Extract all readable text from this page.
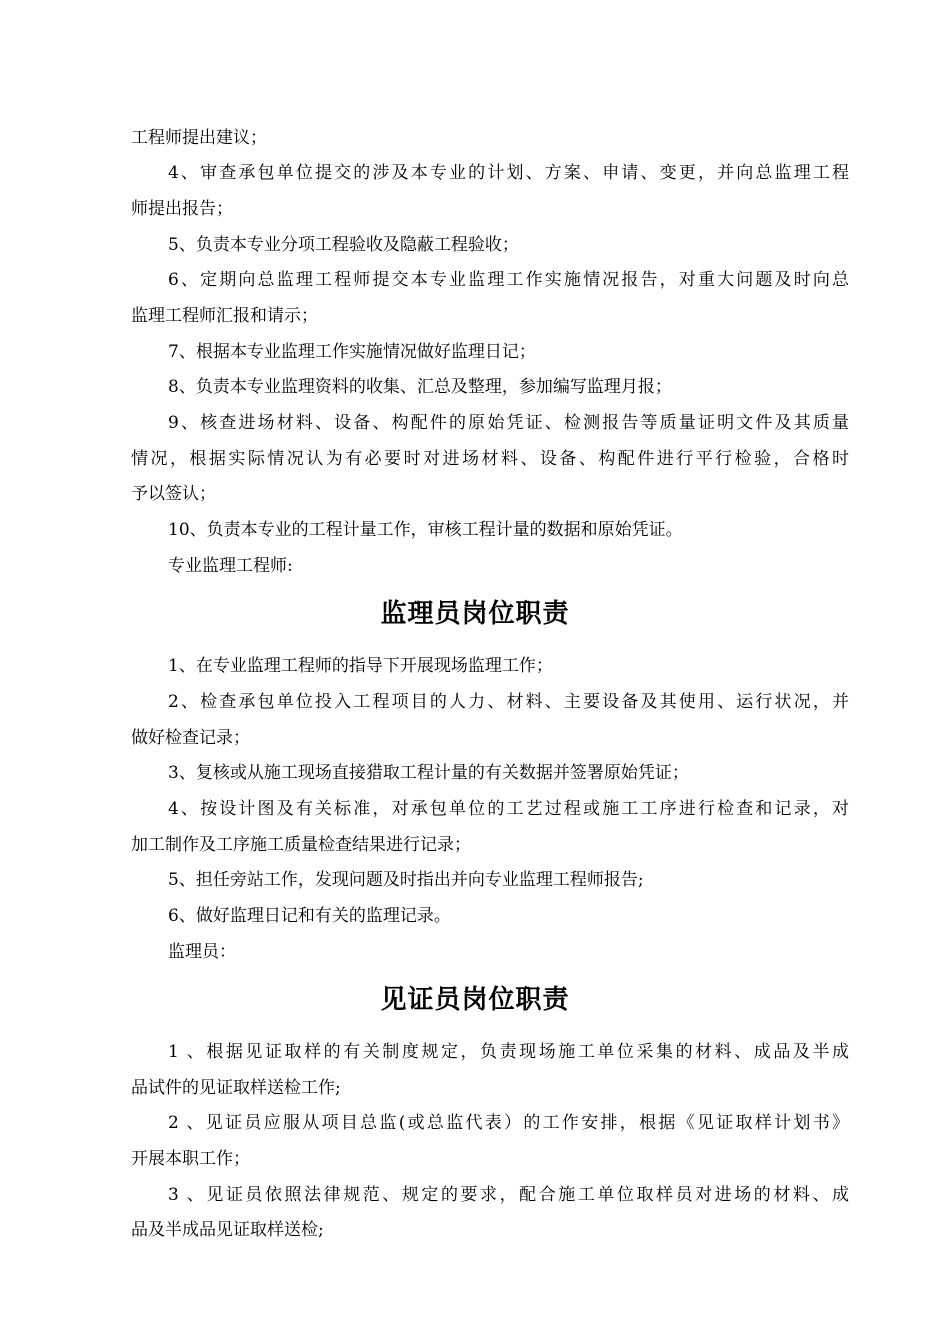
工程师提出建议；
4、审查承包单位提交的涉及本专业的计划、方案、申请、变更，并向总监理工程
师提出报告；
5、负责本专业分项工程验收及隐蔽工程验收；
6、定期向总监理工程师提交本专业监理工作实施情况报告，对重大问题及时向总
监理工程师汇报和请示；
7、根据本专业监理工作实施情况做好监理日记；
8、负责本专业监理资料的收集、汇总及整理，参加编写监理月报；
9、核查进场材料、设备、构配件的原始凭证、检测报告等质量证明文件及其质量
情况，根据实际情况认为有必要时对进场材料、设备、构配件进行平行检验，合格时
予以签认；
10、负责本专业的工程计量工作，审核工程计量的数据和原始凭证。
专业监理工程师:
监理员岗位职责
1、在专业监理工程师的指导下开展现场监理工作；
2、检查承包单位投入工程项目的人力、材料、主要设备及其使用、运行状况，并
做好检查记录；
3、复核或从施工现场直接猎取工程计量的有关数据并签署原始凭证；
4、按设计图及有关标准，对承包单位的工艺过程或施工工序进行检查和记录，对
加工制作及工序施工质量检查结果进行记录；
5、担任旁站工作，发现问题及时指出并向专业监理工程师报告;
6、做好监理日记和有关的监理记录。
监理员：
见证员岗位职责
1 、根据见证取样的有关制度规定，负责现场施工单位采集的材料、成品及半成
品试件的见证取样送检工作;
2 、见证员应服从项目总监(或总监代表）的工作安排，根据《见证取样计划书》
开展本职工作；
3 、见证员依照法律规范、规定的要求，配合施工单位取样员对进场的材料、成
品及半成品见证取样送检;
